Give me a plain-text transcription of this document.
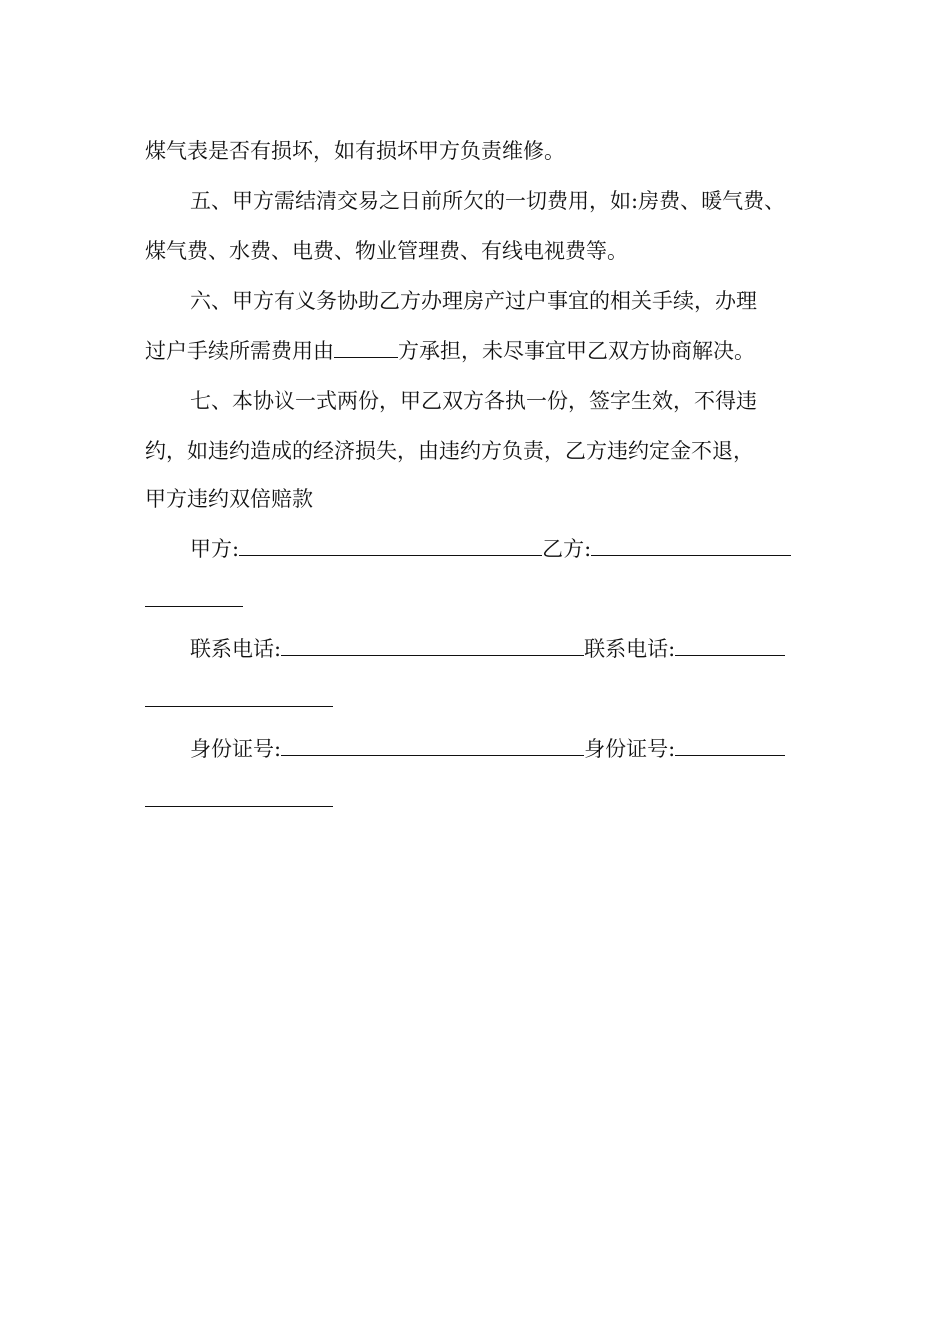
煤气表是否有损坏，如有损坏甲方负责维修。
五、甲方需结清交易之日前所欠的一切费用，如:房费、暖气费、
煤气费、水费、电费、物业管理费、有线电视费等。
六、甲方有义务协助乙方办理房产过户事宜的相关手续，办理
过户手续所需费用由	方承担，未尽事宜甲乙双方协商解决。
七、本协议一式两份，甲乙双方各执一份，签字生效，不得违
约，如违约造成的经济损失，由违约方负责，乙方违约定金不退，
甲方违约双倍赔款
甲方:	乙方:
联系电话:	联系电话:
身份证号:	身份证号:
